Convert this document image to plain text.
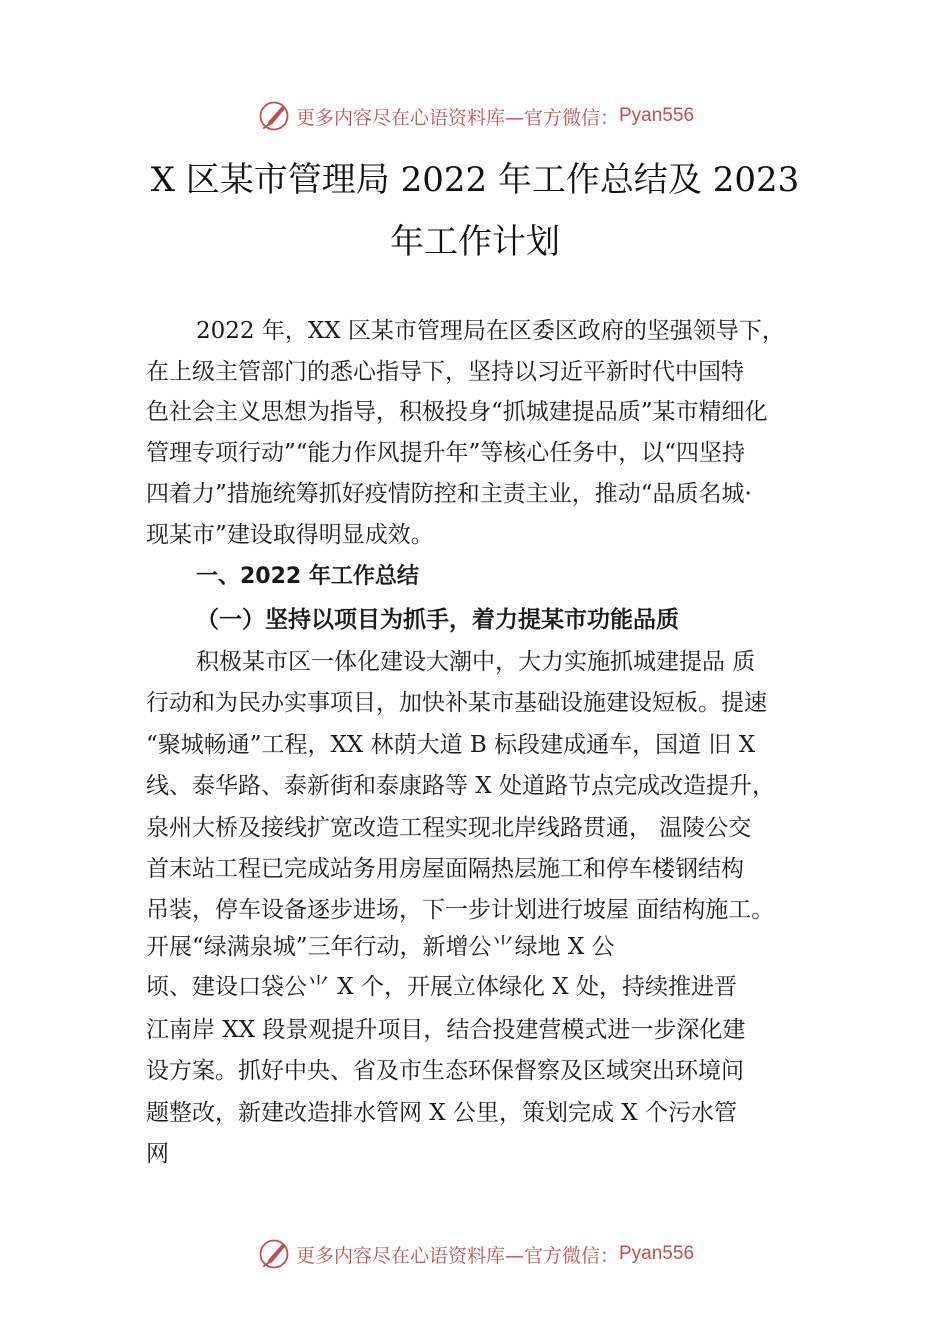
更多内容尽在心语资料库—官方微信： Pyan556
X 区某市管理局 2022 年工作总结及 2023
年工作计划
2022 年，XX 区某市管理局在区委区政府的坚强领导下，
在上级主管部门的悉心指导下，坚持以习近平新时代中国特
色社会主义思想为指导，积极投身“抓城建提品质”某市精细化
管理专项行动”“能力作风提升年”等核心任务中，以“四坚持
四着力”措施统筹抓好疫情防控和主责主业，推动“品质名城·
现某市”建设取得明显成效。
一、2022 年工作总结
（一）坚持以项目为抓手，着力提某市功能品质
积极某市区一体化建设大潮中，大力实施抓城建提品 质
行动和为民办实事项目，加快补某市基础设施建设短板。提速
“聚城畅通”工程，XX 林荫大道 B 标段建成通车，国道 旧 X
线、泰华路、泰新街和泰康路等 X 处道路节点完成改造提升，
泉州大桥及接线扩宽改造工程实现北岸线路贯通， 温陵公交
首末站工程已完成站务用房屋面隔热层施工和停车楼钢结构
吊装，停车设备逐步进场，下一步计划进行坡屋 面结构施工。
开展“绿满泉城”三年行动，新增公⺌绿地 X 公
顷、建设口袋公⺌ X 个，开展立体绿化 X 处，持续推进晋
江南岸 XX 段景观提升项目，结合投建营模式进一步深化建
设方案。抓好中央、省及市生态环保督察及区域突出环境问
题整改，新建改造排水管网 X 公里，策划完成 X 个污水管
网
更多内容尽在心语资料库—官方微信： Pyan556
